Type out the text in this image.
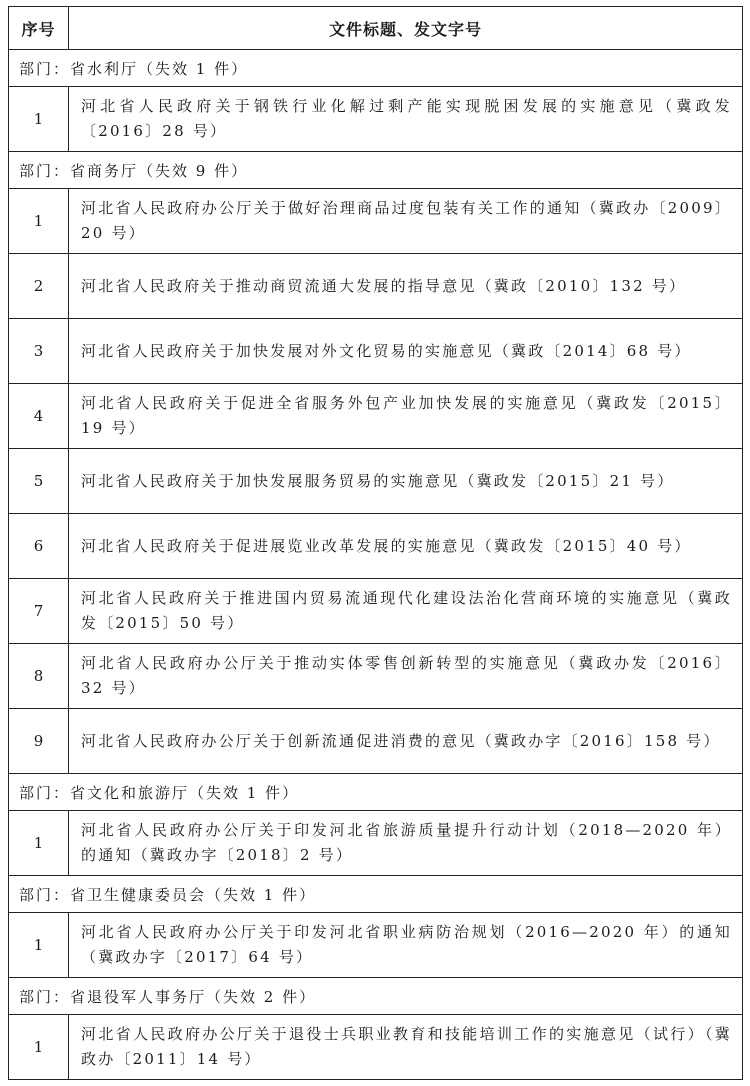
序号	文件标题、发文字号
部门：省水利厅（失效 1 件）	
1	河北省人民政府关于钢铁行业化解过剩产能实现脱困发展的实施意见（冀政发〔2016〕28 号）
部门：省商务厅（失效 9 件）	
1	河北省人民政府办公厅关于做好治理商品过度包装有关工作的通知（冀政办〔2009〕20 号）
2	河北省人民政府关于推动商贸流通大发展的指导意见（冀政〔2010〕132 号）
3	河北省人民政府关于加快发展对外文化贸易的实施意见（冀政〔2014〕68 号）
4	河北省人民政府关于促进全省服务外包产业加快发展的实施意见（冀政发〔2015〕19 号）
5	河北省人民政府关于加快发展服务贸易的实施意见（冀政发〔2015〕21 号）
6	河北省人民政府关于促进展览业改革发展的实施意见（冀政发〔2015〕40 号）
7	河北省人民政府关于推进国内贸易流通现代化建设法治化营商环境的实施意见（冀政发〔2015〕50 号）
8	河北省人民政府办公厅关于推动实体零售创新转型的实施意见（冀政办发〔2016〕32 号）
9	河北省人民政府办公厅关于创新流通促进消费的意见（冀政办字〔2016〕158 号）
部门：省文化和旅游厅（失效 1 件）	
1	河北省人民政府办公厅关于印发河北省旅游质量提升行动计划（2018—2020 年）的通知（冀政办字〔2018〕2 号）
部门：省卫生健康委员会（失效 1 件）	
1	河北省人民政府办公厅关于印发河北省职业病防治规划（2016—2020 年）的通知（冀政办字〔2017〕64 号）
部门：省退役军人事务厅（失效 2 件）	
1	河北省人民政府办公厅关于退役士兵职业教育和技能培训工作的实施意见（试行）（冀政办〔2011〕14 号）
